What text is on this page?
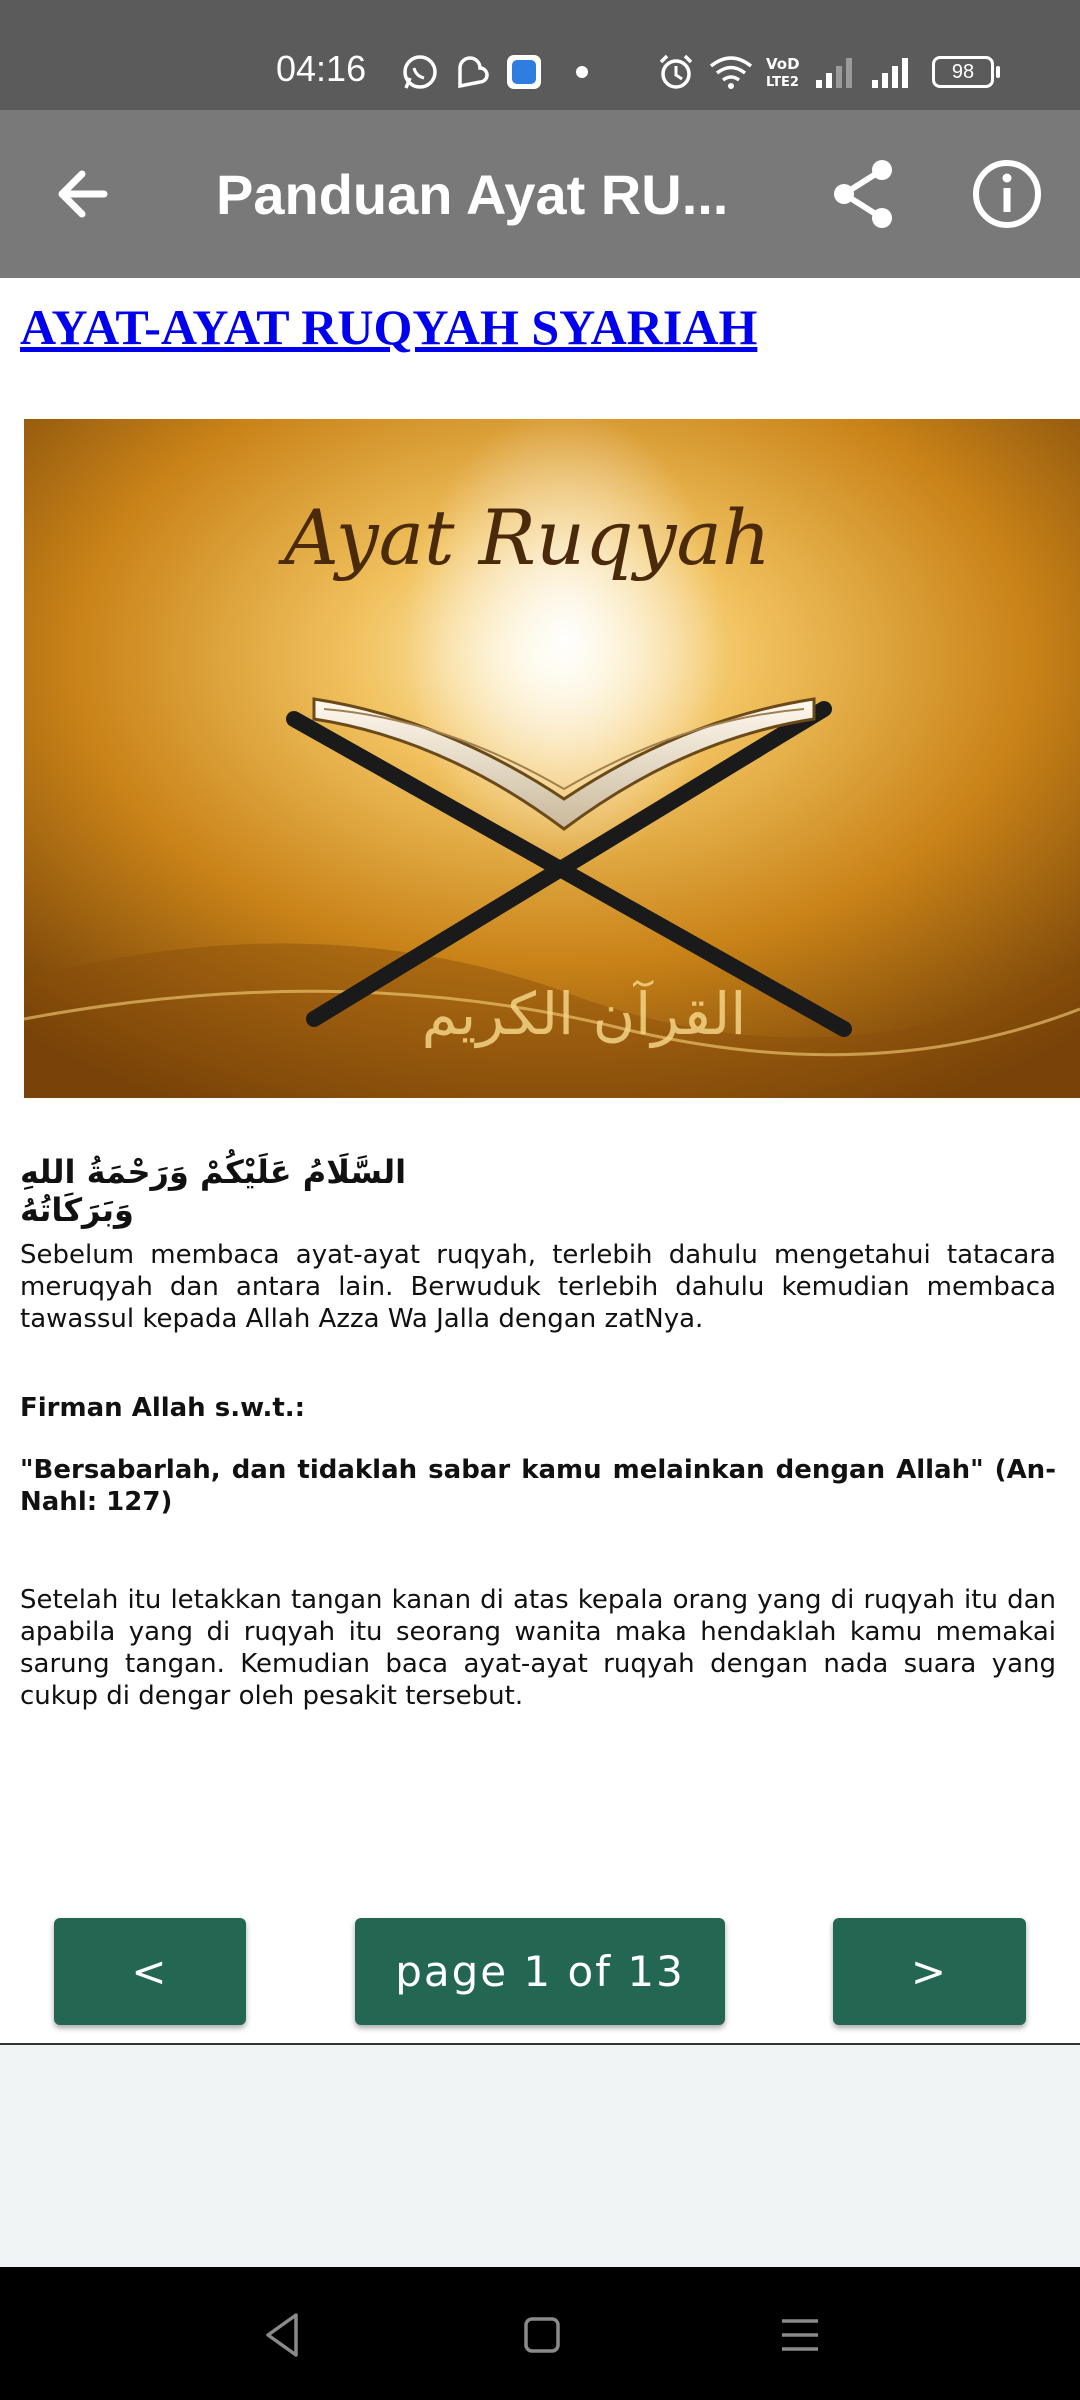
04:16	VoD
LTE2	98
Panduan Ayat RU...
AYAT-AYAT RUQYAH SYARIAH
Ayat Ruqyah
القرآن الكريم
السَّلَامُ عَلَيْكُمْ وَرَحْمَةُ اللهِ وَبَرَكَاتُهُ

Sebelum membaca ayat-ayat ruqyah, terlebih dahulu mengetahui tatacara meruqyah dan antara lain. Berwuduk terlebih dahulu kemudian membaca tawassul kepada Allah Azza Wa Jalla dengan zatNya.

Firman Allah s.w.t.:

"Bersabarlah, dan tidaklah sabar kamu melainkan dengan Allah" (An-Nahl: 127)

Setelah itu letakkan tangan kanan di atas kepala orang yang di ruqyah itu dan apabila yang di ruqyah itu seorang wanita maka hendaklah kamu memakai sarung tangan. Kemudian baca ayat-ayat ruqyah dengan nada suara yang cukup di dengar oleh pesakit tersebut.

<	page 1 of 13	>
